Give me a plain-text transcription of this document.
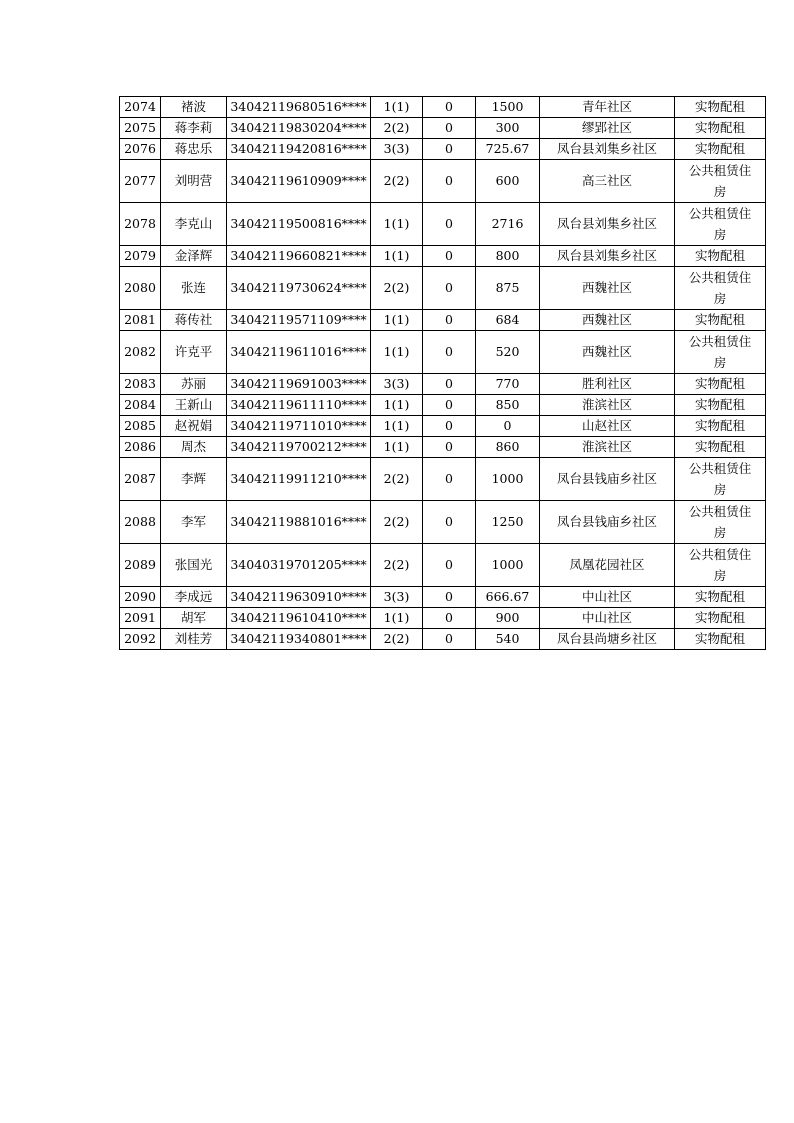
2074	褚波	34042119680516****	1(1)	0	1500	青年社区	实物配租
2075	蒋李莉	34042119830204****	2(2)	0	300	缪郢社区	实物配租
2076	蒋忠乐	34042119420816****	3(3)	0	725.67	凤台县刘集乡社区	实物配租
2077	刘明营	34042119610909****	2(2)	0	600	高三社区	公共租赁住房
2078	李克山	34042119500816****	1(1)	0	2716	凤台县刘集乡社区	公共租赁住房
2079	金泽辉	34042119660821****	1(1)	0	800	凤台县刘集乡社区	实物配租
2080	张连	34042119730624****	2(2)	0	875	西魏社区	公共租赁住房
2081	蒋传社	34042119571109****	1(1)	0	684	西魏社区	实物配租
2082	许克平	34042119611016****	1(1)	0	520	西魏社区	公共租赁住房
2083	苏丽	34042119691003****	3(3)	0	770	胜利社区	实物配租
2084	王新山	34042119611110****	1(1)	0	850	淮滨社区	实物配租
2085	赵祝娟	34042119711010****	1(1)	0	0	山赵社区	实物配租
2086	周杰	34042119700212****	1(1)	0	860	淮滨社区	实物配租
2087	李辉	34042119911210****	2(2)	0	1000	凤台县钱庙乡社区	公共租赁住房
2088	李军	34042119881016****	2(2)	0	1250	凤台县钱庙乡社区	公共租赁住房
2089	张国光	34040319701205****	2(2)	0	1000	凤凰花园社区	公共租赁住房
2090	李成远	34042119630910****	3(3)	0	666.67	中山社区	实物配租
2091	胡军	34042119610410****	1(1)	0	900	中山社区	实物配租
2092	刘桂芳	34042119340801****	2(2)	0	540	凤台县尚塘乡社区	实物配租
